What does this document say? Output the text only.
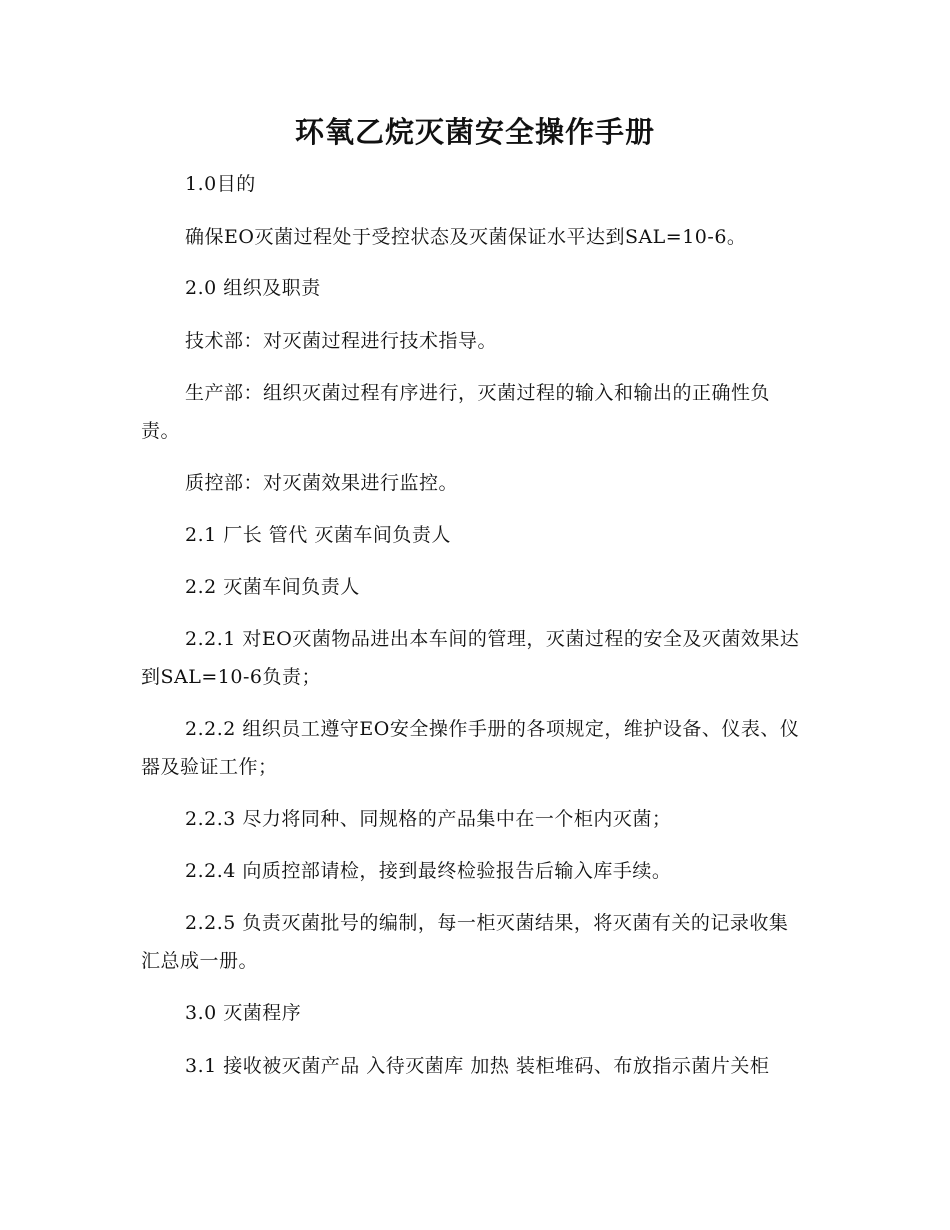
环氧乙烷灭菌安全操作手册

1.0目的

确保EO灭菌过程处于受控状态及灭菌保证水平达到SAL=10-6。

2.0 组织及职责

技术部：对灭菌过程进行技术指导。

生产部：组织灭菌过程有序进行，灭菌过程的输入和输出的正确性负责。

质控部：对灭菌效果进行监控。

2.1 厂长 管代 灭菌车间负责人

2.2 灭菌车间负责人

2.2.1 对EO灭菌物品进出本车间的管理，灭菌过程的安全及灭菌效果达到SAL=10-6负责；

2.2.2 组织员工遵守EO安全操作手册的各项规定，维护设备、仪表、仪器及验证工作；

2.2.3 尽力将同种、同规格的产品集中在一个柜内灭菌；

2.2.4 向质控部请检，接到最终检验报告后输入库手续。

2.2.5 负责灭菌批号的编制，每一柜灭菌结果，将灭菌有关的记录收集汇总成一册。

3.0 灭菌程序

3.1 接收被灭菌产品 入待灭菌库 加热 装柜堆码、布放指示菌片关柜
